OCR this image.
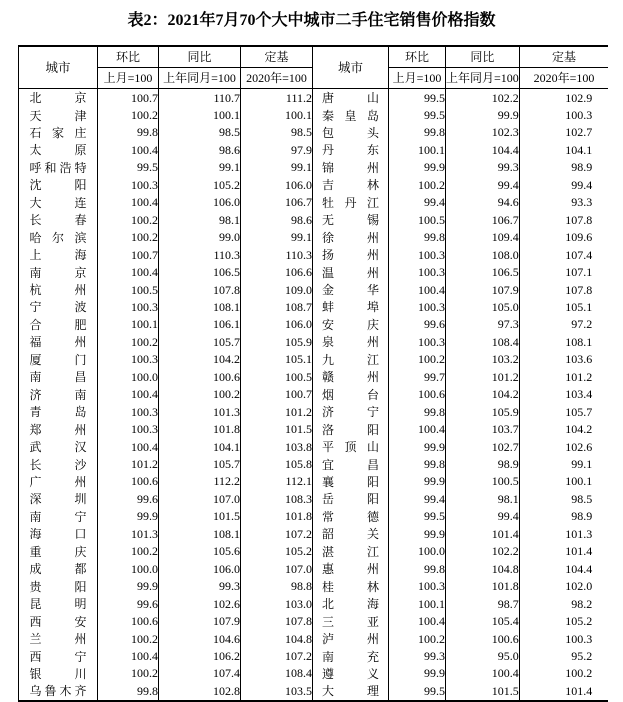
表2：2021年7月70个大中城市二手住宅销售价格指数
城市	环比	同比	定基	城市	环比	同比	定基
	上月=100	上年同月=100	2020年=100		上月=100	上年同月=100	2020年=100
北京	100.7	110.7	111.2	唐山	99.5	102.2	102.9
天津	100.2	100.1	100.1	秦皇岛	99.5	99.9	100.3
石家庄	99.8	98.5	98.5	包头	99.8	102.3	102.7
太原	100.4	98.6	97.9	丹东	100.1	104.4	104.1
呼和浩特	99.5	99.1	99.1	锦州	99.9	99.3	98.9
沈阳	100.3	105.2	106.0	吉林	100.2	99.4	99.4
大连	100.4	106.0	106.7	牡丹江	99.4	94.6	93.3
长春	100.2	98.1	98.6	无锡	100.5	106.7	107.8
哈尔滨	100.2	99.0	99.1	徐州	99.8	109.4	109.6
上海	100.7	110.3	110.3	扬州	100.3	108.0	107.4
南京	100.4	106.5	106.6	温州	100.3	106.5	107.1
杭州	100.5	107.8	109.0	金华	100.4	107.9	107.8
宁波	100.3	108.1	108.7	蚌埠	100.3	105.0	105.1
合肥	100.1	106.1	106.0	安庆	99.6	97.3	97.2
福州	100.2	105.7	105.9	泉州	100.3	108.4	108.1
厦门	100.3	104.2	105.1	九江	100.2	103.2	103.6
南昌	100.0	100.6	100.5	赣州	99.7	101.2	101.2
济南	100.4	100.2	100.7	烟台	100.6	104.2	103.4
青岛	100.3	101.3	101.2	济宁	99.8	105.9	105.7
郑州	100.3	101.8	101.5	洛阳	100.4	103.7	104.2
武汉	100.4	104.1	103.8	平顶山	99.9	102.7	102.6
长沙	101.2	105.7	105.8	宜昌	99.8	98.9	99.1
广州	100.6	112.2	112.1	襄阳	99.9	100.5	100.1
深圳	99.6	107.0	108.3	岳阳	99.4	98.1	98.5
南宁	99.9	101.5	101.8	常德	99.5	99.4	98.9
海口	101.3	108.1	107.2	韶关	99.9	101.4	101.3
重庆	100.2	105.6	105.2	湛江	100.0	102.2	101.4
成都	100.0	106.0	107.0	惠州	99.8	104.8	104.4
贵阳	99.9	99.3	98.8	桂林	100.3	101.8	102.0
昆明	99.6	102.6	103.0	北海	100.1	98.7	98.2
西安	100.6	107.9	107.8	三亚	100.4	105.4	105.2
兰州	100.2	104.6	104.8	泸州	100.2	100.6	100.3
西宁	100.4	106.2	107.2	南充	99.3	95.0	95.2
银川	100.2	107.4	108.4	遵义	99.9	100.4	100.2
乌鲁木齐	99.8	102.8	103.5	大理	99.5	101.5	101.4
